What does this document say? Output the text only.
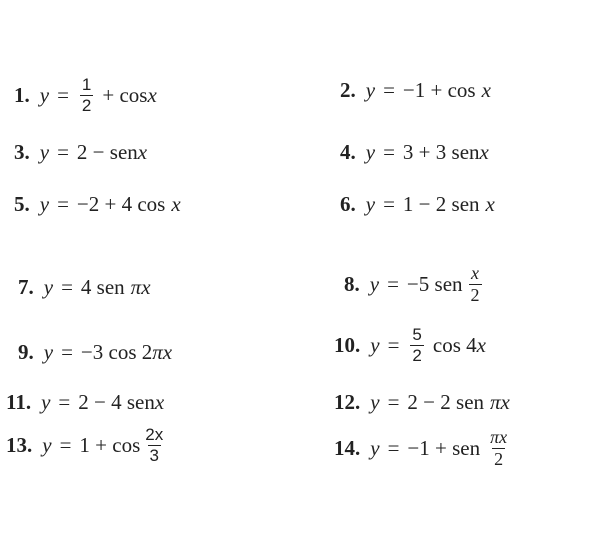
1. $y = \frac{1}{2} + \cos x$	2. y = −1 + cos x
3. y = 2 − sen x	4. y = 3 + 3 sen x
5. y = −2 + 4 cos x	6. y = 1 − 2 sen x
7. y = 4 sen πx	8. y = −5 sen $\frac{x}{2}$
9. y = −3 cos 2 πx	10. $y = \frac{5}{2}$ cos 4 x
11. y = 2 − 4 sen x	12. y = 2 − 2 sen πx
13. $y = 1 + \cos \frac{2x}{3}$	14. y = −1 + sen $\frac{\pi x}{2}$
